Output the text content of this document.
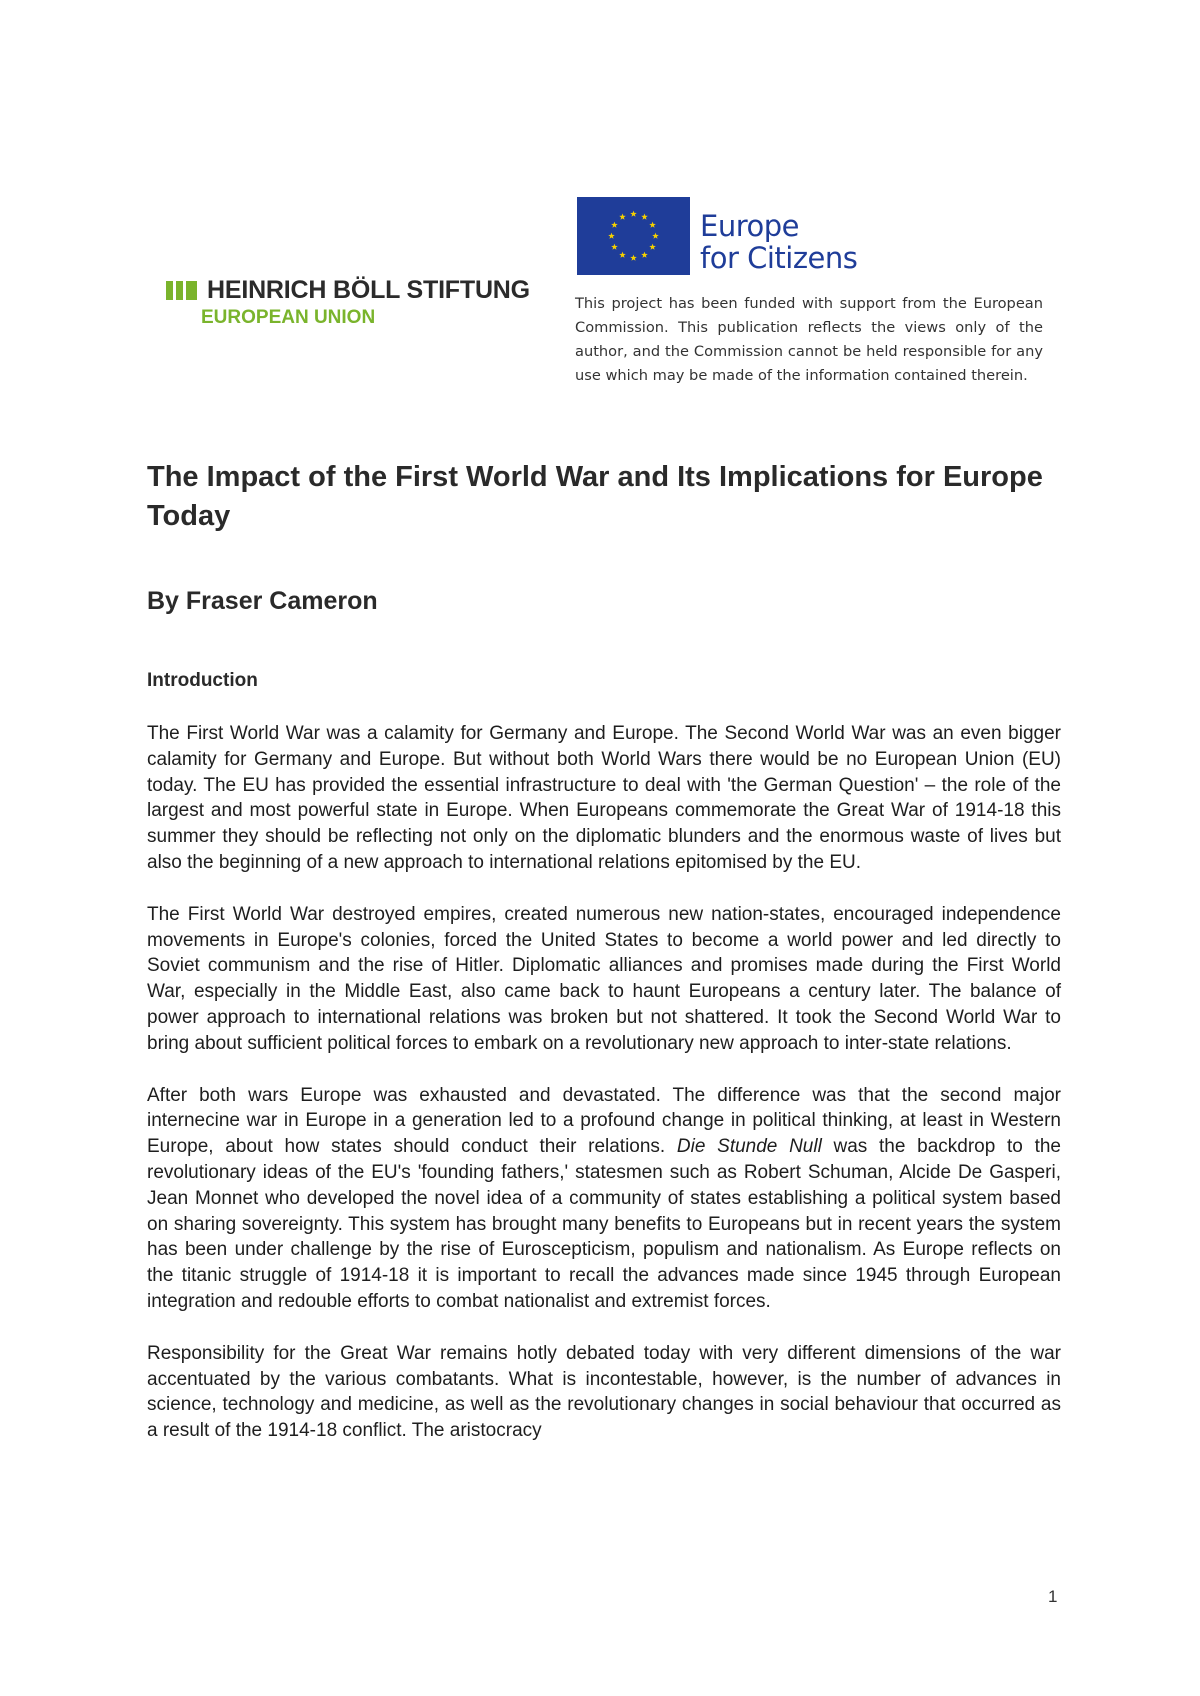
HEINRICH BÖLL STIFTUNG
EUROPEAN UNION
Europe
for Citizens
This project has been funded with support from the European Commission. This publication reflects the views only of the author, and the Commission cannot be held responsible for any use which may be made of the information contained therein.
The Impact of the First World War and Its Implications for Europe Today
By Fraser Cameron
Introduction

The First World War was a calamity for Germany and Europe. The Second World War was an even bigger calamity for Germany and Europe. But without both World Wars there would be no European Union (EU) today. The EU has provided the essential infrastructure to deal with 'the German Question' – the role of the largest and most powerful state in Europe. When Europeans commemorate the Great War of 1914-18 this summer they should be reflecting not only on the diplomatic blunders and the enormous waste of lives but also the beginning of a new approach to international relations epitomised by the EU.

The First World War destroyed empires, created numerous new nation-states, encouraged independence movements in Europe's colonies, forced the United States to become a world power and led directly to Soviet communism and the rise of Hitler. Diplomatic alliances and promises made during the First World War, especially in the Middle East, also came back to haunt Europeans a century later. The balance of power approach to international relations was broken but not shattered. It took the Second World War to bring about sufficient political forces to embark on a revolutionary new approach to inter-state relations.

After both wars Europe was exhausted and devastated. The difference was that the second major internecine war in Europe in a generation led to a profound change in political thinking, at least in Western Europe, about how states should conduct their relations. Die Stunde Null was the backdrop to the revolutionary ideas of the EU's 'founding fathers,' statesmen such as Robert Schuman, Alcide De Gasperi, Jean Monnet who developed the novel idea of a community of states establishing a political system based on sharing sovereignty. This system has brought many benefits to Europeans but in recent years the system has been under challenge by the rise of Euroscepticism, populism and nationalism. As Europe reflects on the titanic struggle of 1914-18 it is important to recall the advances made since 1945 through European integration and redouble efforts to combat nationalist and extremist forces.

Responsibility for the Great War remains hotly debated today with very different dimensions of the war accentuated by the various combatants. What is incontestable, however, is the number of advances in science, technology and medicine, as well as the revolutionary changes in social behaviour that occurred as a result of the 1914-18 conflict. The aristocracy

1
